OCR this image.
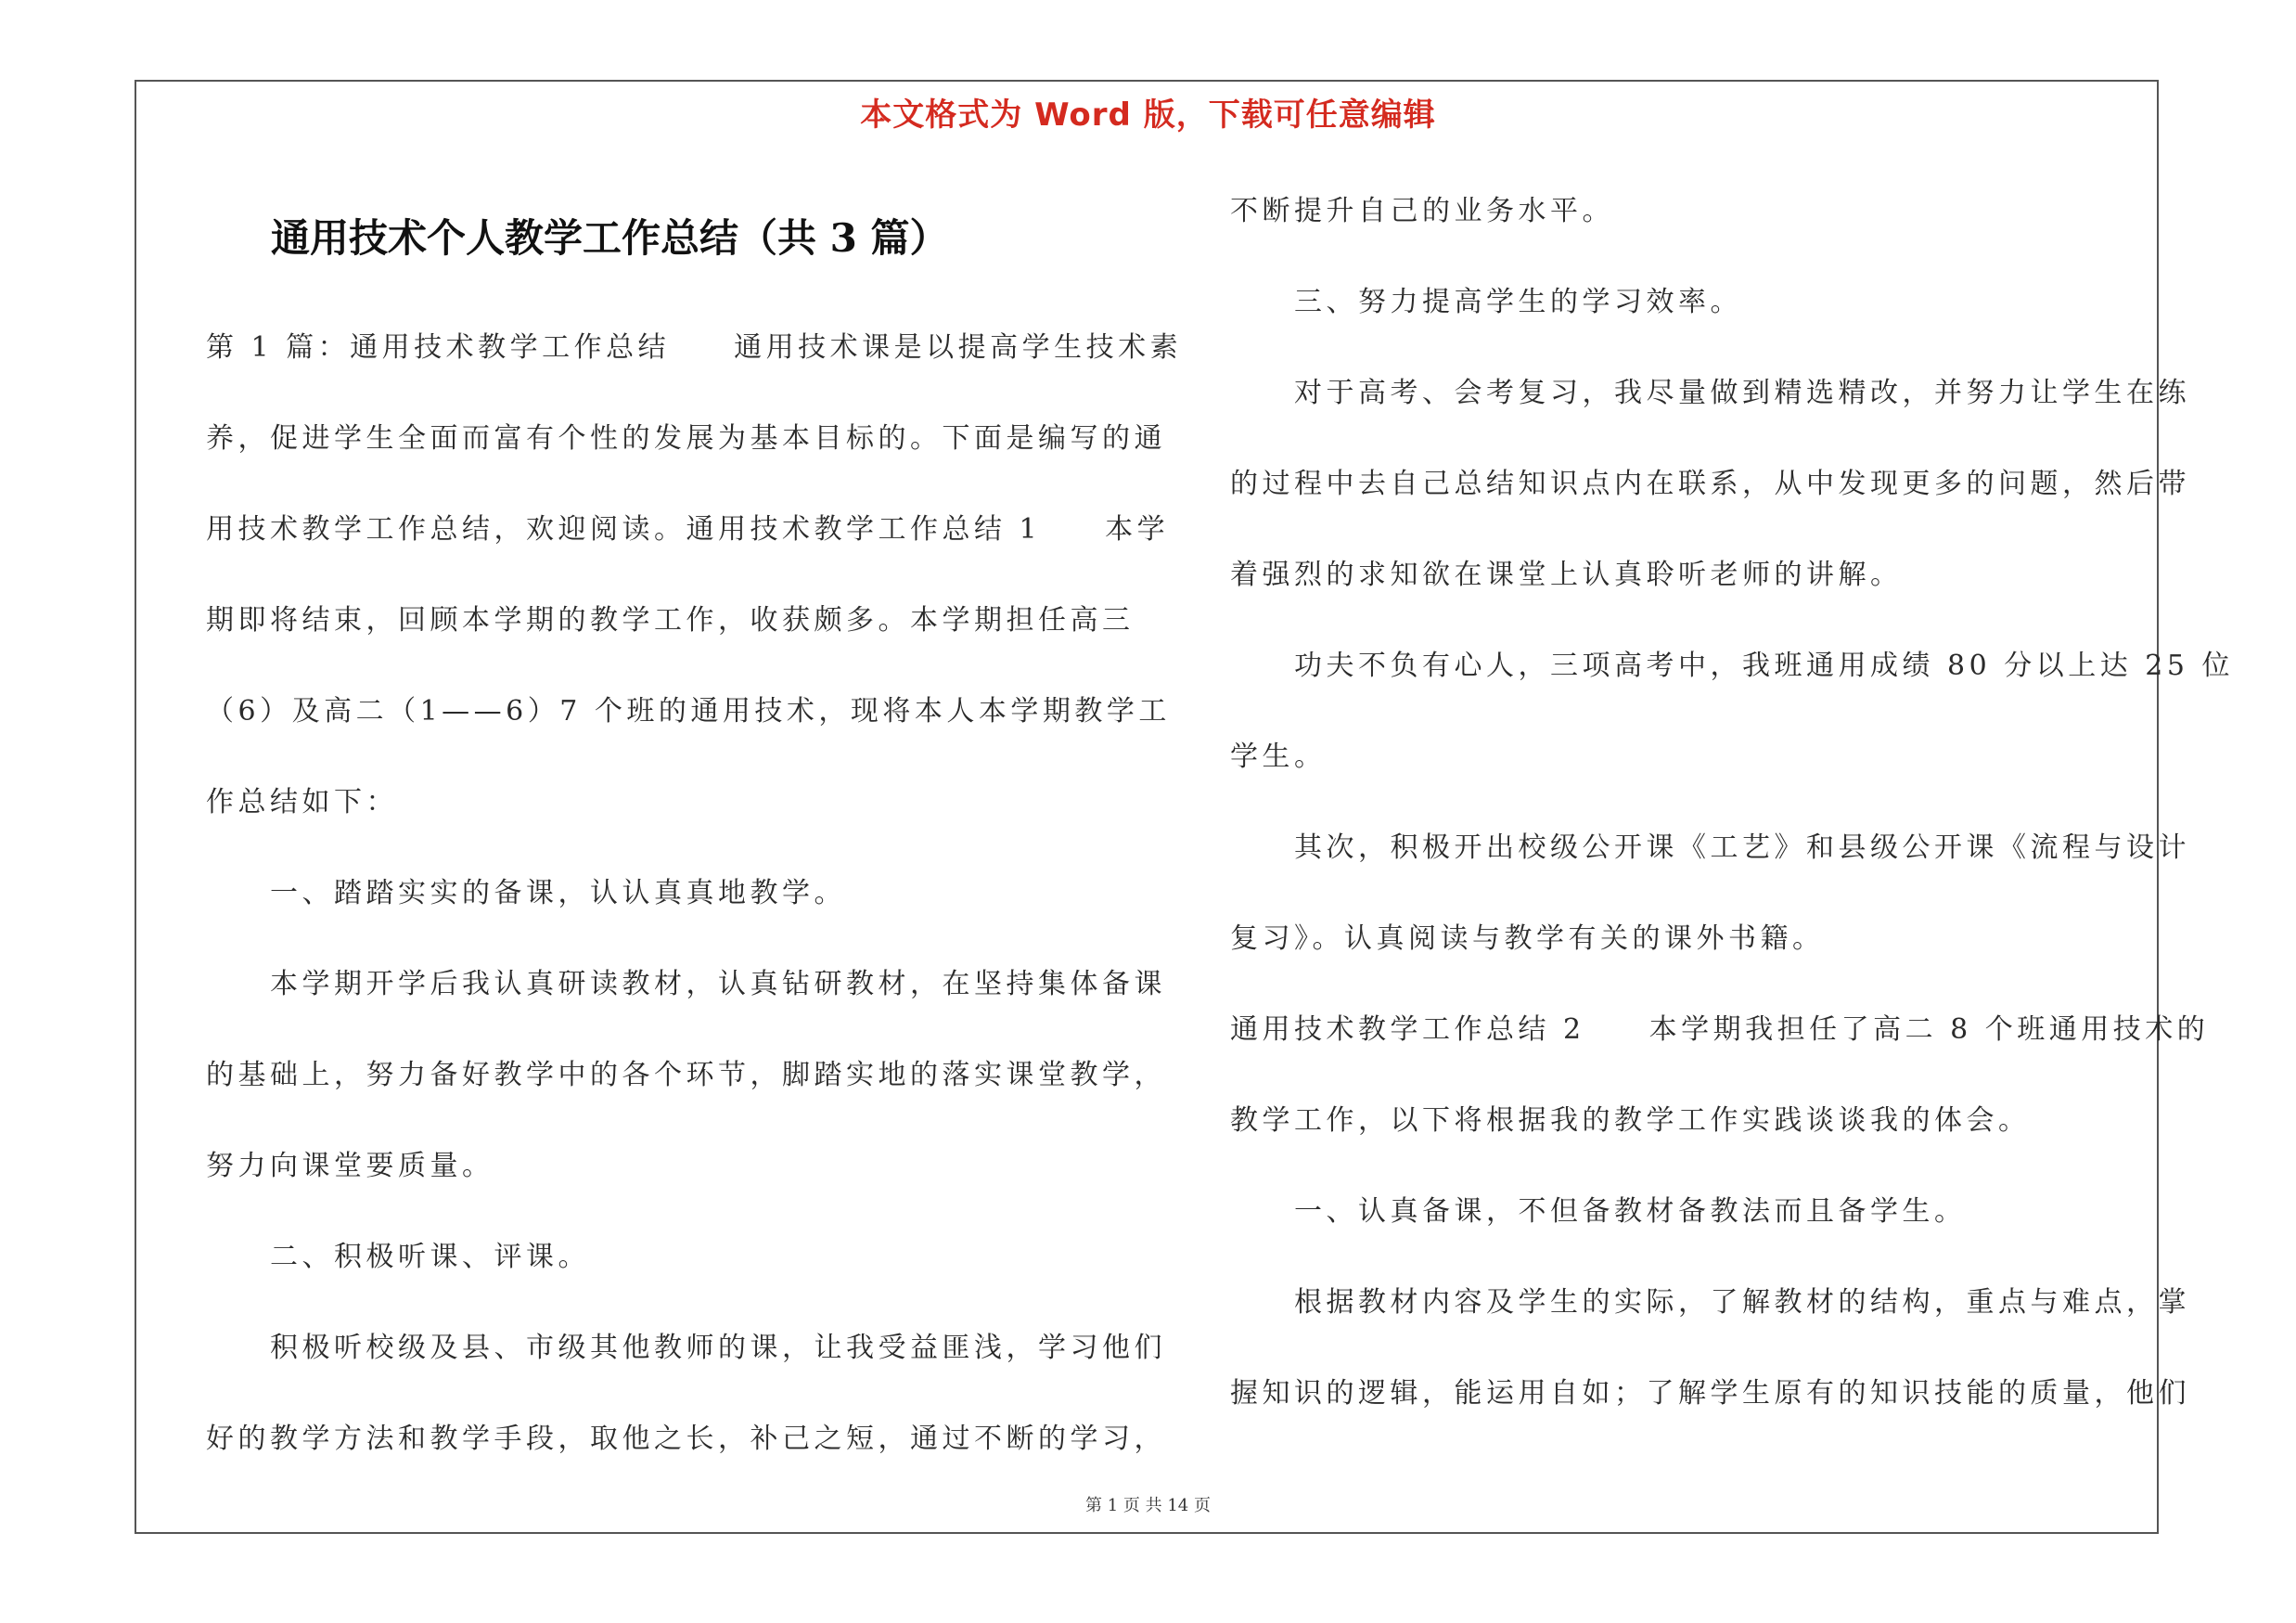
本文格式为 Word 版，下载可任意编辑
通用技术个人教学工作总结（共 3 篇）
第 1 篇：通用技术教学工作总结　　通用技术课是以提高学生技术素
养，促进学生全面而富有个性的发展为基本目标的。下面是编写的通
用技术教学工作总结，欢迎阅读。通用技术教学工作总结 1　　本学
期即将结束，回顾本学期的教学工作，收获颇多。本学期担任高三
（6）及高二（1——6）7 个班的通用技术，现将本人本学期教学工
作总结如下：
　　一、踏踏实实的备课，认认真真地教学。
　　本学期开学后我认真研读教材，认真钻研教材，在坚持集体备课
的基础上，努力备好教学中的各个环节，脚踏实地的落实课堂教学，
努力向课堂要质量。
　　二、积极听课、评课。
　　积极听校级及县、市级其他教师的课，让我受益匪浅，学习他们
好的教学方法和教学手段，取他之长，补己之短，通过不断的学习，
不断提升自己的业务水平。
　　三、努力提高学生的学习效率。
　　对于高考、会考复习，我尽量做到精选精改，并努力让学生在练
的过程中去自己总结知识点内在联系，从中发现更多的问题，然后带
着强烈的求知欲在课堂上认真聆听老师的讲解。
　　功夫不负有心人，三项高考中，我班通用成绩 80 分以上达 25 位
学生。
　　其次，积极开出校级公开课《工艺》和县级公开课《流程与设计
复习》。认真阅读与教学有关的课外书籍。
通用技术教学工作总结 2　　本学期我担任了高二 8 个班通用技术的
教学工作，以下将根据我的教学工作实践谈谈我的体会。
　　一、认真备课，不但备教材备教法而且备学生。
　　根据教材内容及学生的实际，了解教材的结构，重点与难点，掌
握知识的逻辑，能运用自如；了解学生原有的知识技能的质量，他们
第 1 页 共 14 页
